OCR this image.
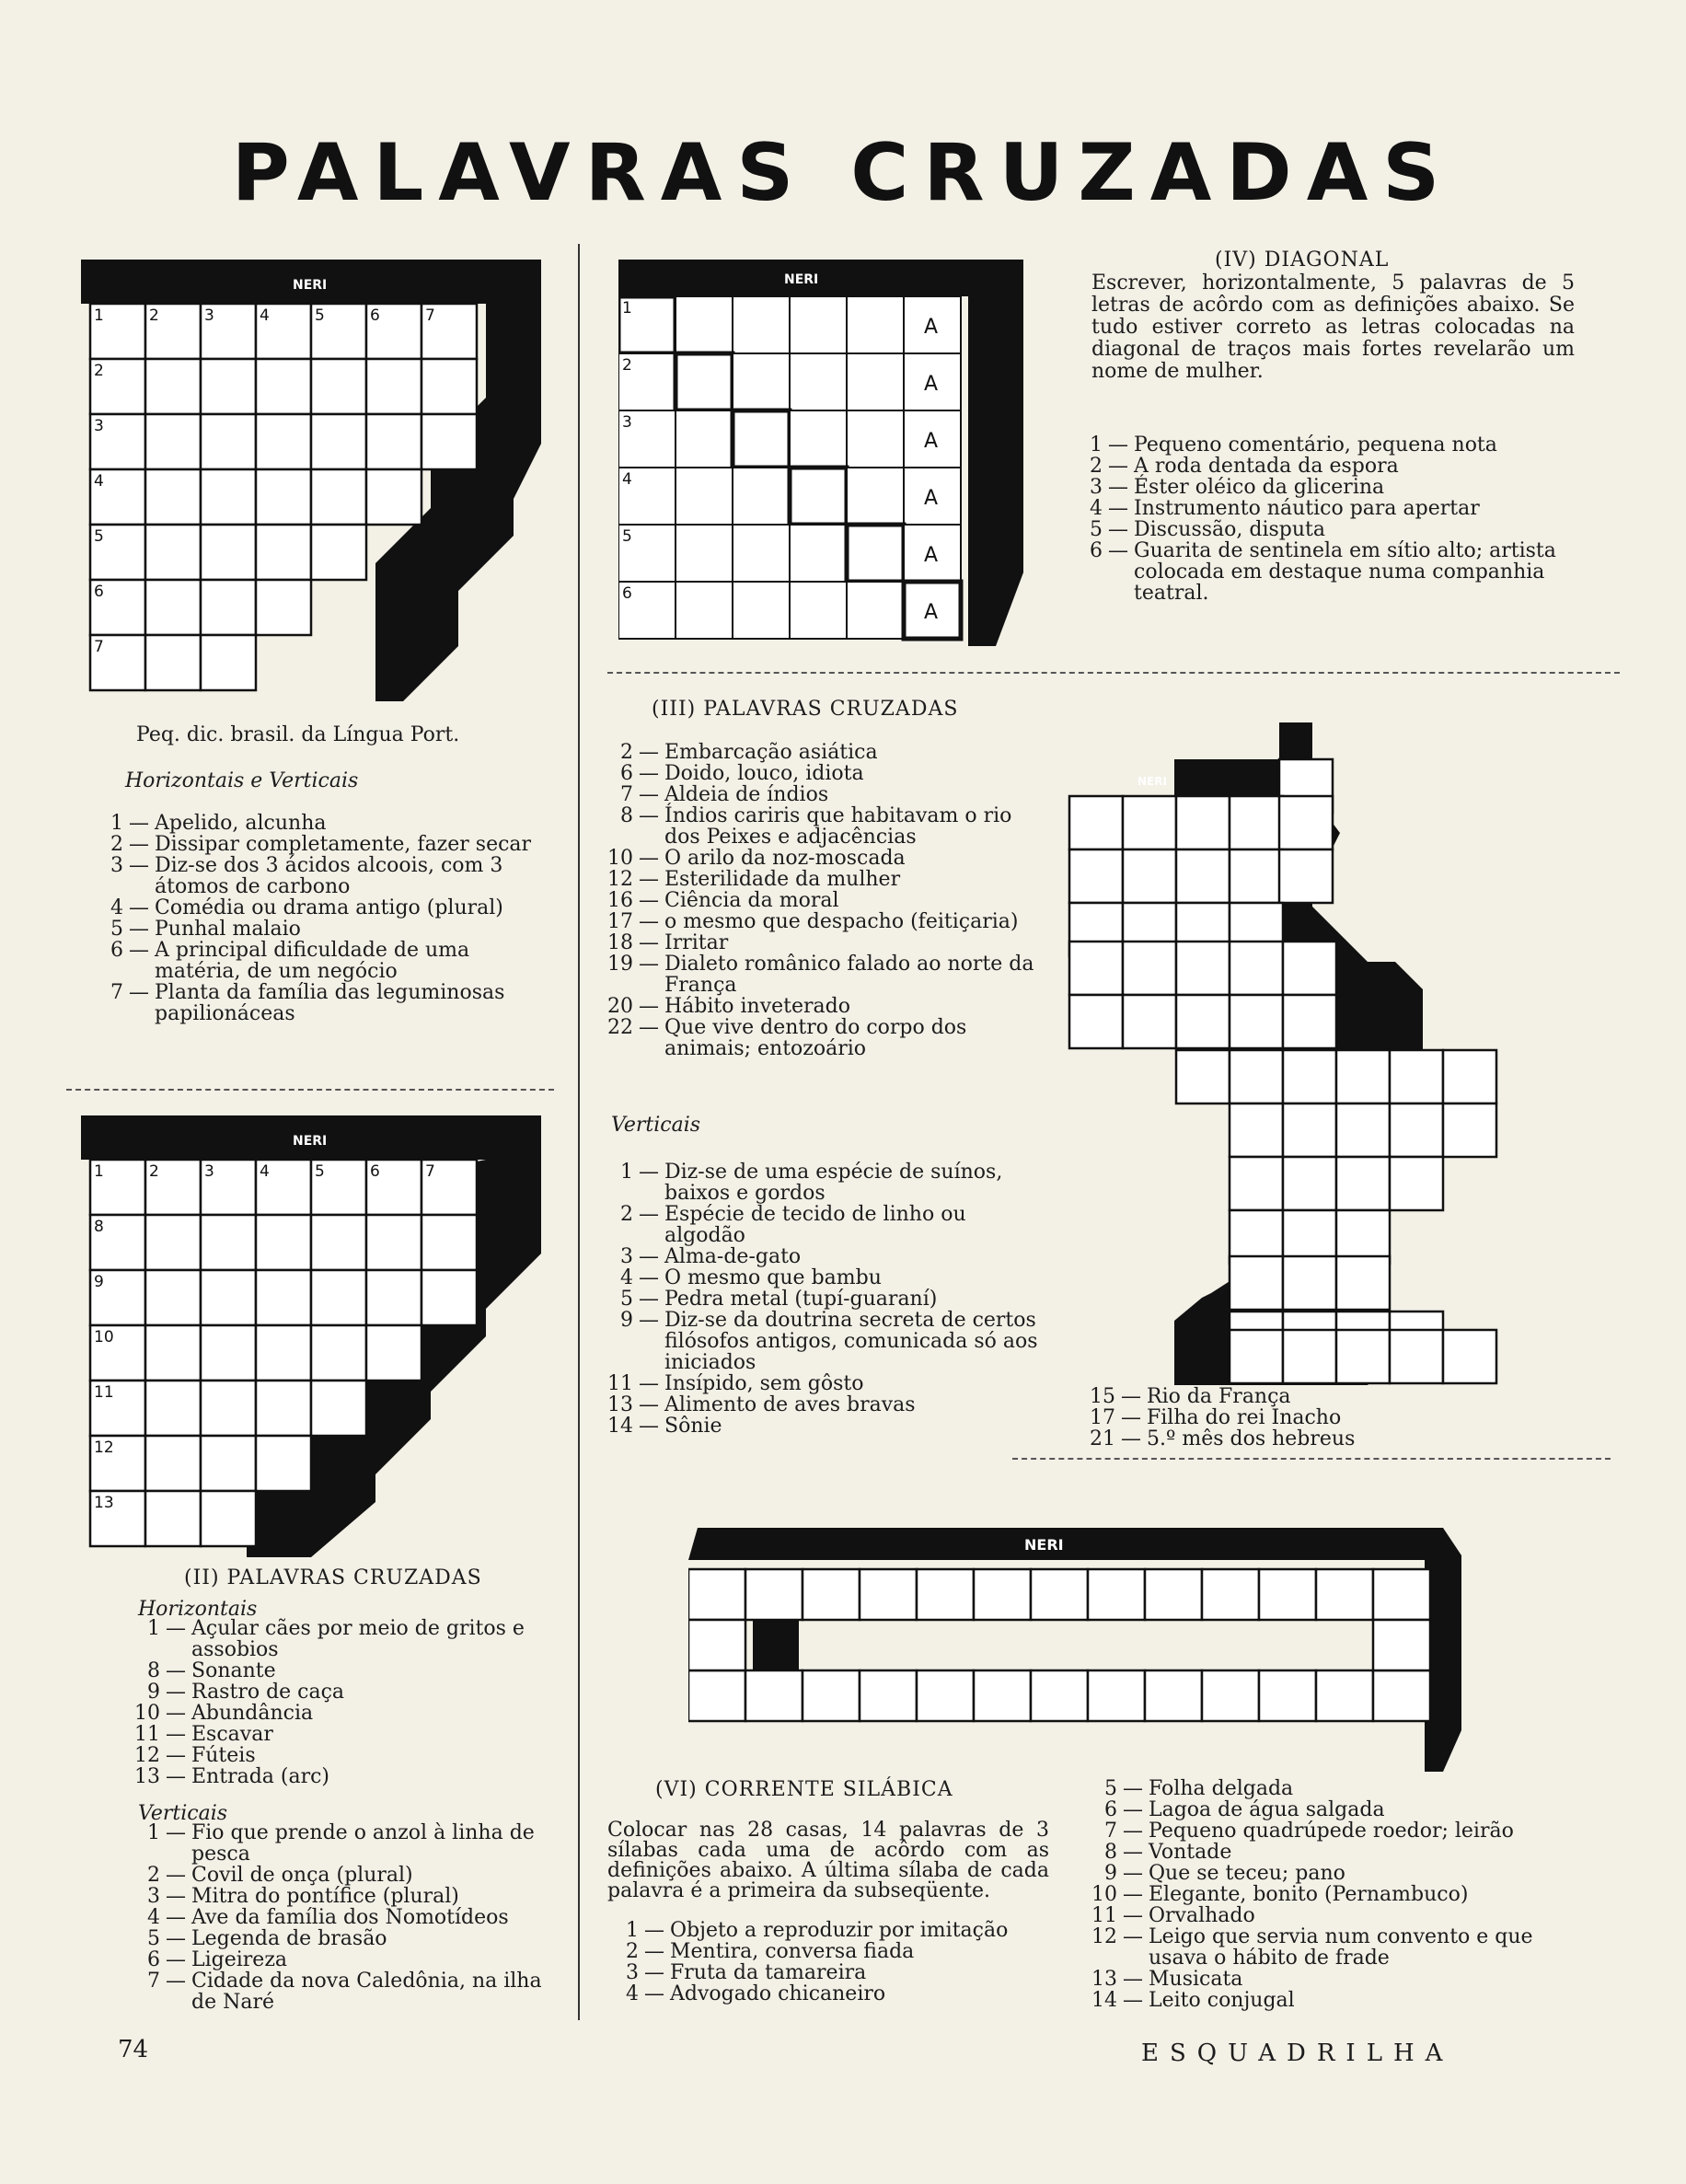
PALAVRAS CRUZADAS
1	2	3	4	5	6	7
2
3
4
5
6
7
NERI
Peq. dic. brasil. da Língua Port.
Horizontais e Verticais
1 — Apelido, alcunha
2 — Dissipar completamente, fazer secar
3 — Diz-se dos 3 ácidos alcoois, com 3 átomos de carbono
4 — Comédia ou drama antigo (plural)
5 — Punhal malaio
6 — A principal dificuldade de uma matéria, de um negócio
7 — Planta da família das leguminosas papilionáceas
1	2	3	4	5	6	7
8
9
10
11
12
13
NERI
(II) PALAVRAS CRUZADAS
Horizontais
1 — Açular cães por meio de gritos e assobios
8 — Sonante
9 — Rastro de caça
10 — Abundância
11 — Escavar
12 — Fúteis
13 — Entrada (arc)
Verticais
1 — Fio que prende o anzol à linha de pesca
2 — Covil de onça (plural)
3 — Mitra do pontífice (plural)
4 — Ave da família dos Nomotídeos
5 — Legenda de brasão
6 — Ligeireza
7 — Cidade da nova Caledônia, na ilha de Naré
1
A
2
A
3
A
4
A
5
A
6
A
NERI
(IV) DIAGONAL
Escrever, horizontalmente, 5 palavras de 5 letras de acôrdo com as definições abaixo. Se tudo estiver correto as letras colocadas na diagonal de traços mais fortes revelarão um nome de mulher.
1 — Pequeno comentário, pequena nota
2 — A roda dentada da espora
3 — Éster oléico da glicerina
4 — Instrumento náutico para apertar
5 — Discussão, disputa
6 — Guarita de sentinela em sítio alto; artista colocada em destaque numa companhia teatral.
(III) PALAVRAS CRUZADAS
2 — Embarcação asiática
6 — Doido, louco, idiota
7 — Aldeia de índios
8 — Índios cariris que habitavam o rio dos Peixes e adjacências
10 — O arilo da noz-moscada
12 — Esterilidade da mulher
16 — Ciência da moral
17 — o mesmo que despacho (feitiçaria)
18 — Irritar
19 — Dialeto românico falado ao norte da França
20 — Hábito inveterado
22 — Que vive dentro do corpo dos animais; entozoário
Verticais
1 — Diz-se de uma espécie de suínos, baixos e gordos
2 — Espécie de tecido de linho ou algodão
3 — Alma-de-gato
4 — O mesmo que bambu
5 — Pedra metal (tupí-guaraní)
9 — Diz-se da doutrina secreta de certos filósofos antigos, comunicada só aos iniciados
11 — Insípido, sem gôsto
13 — Alimento de aves bravas
14 — Sônie
15 — Rio da França
17 — Filha do rei Inacho
21 — 5.º mês dos hebreus
NERI
NERI
(VI) CORRENTE SILÁBICA
Colocar nas 28 casas, 14 palavras de 3 sílabas cada uma de acôrdo com as definições abaixo. A última sílaba de cada palavra é a primeira da subseqüente.
1 — Objeto a reproduzir por imitação
2 — Mentira, conversa fiada
3 — Fruta da tamareira
4 — Advogado chicaneiro
5 — Folha delgada
6 — Lagoa de água salgada
7 — Pequeno quadrúpede roedor; leirão
8 — Vontade
9 — Que se teceu; pano
10 — Elegante, bonito (Pernambuco)
11 — Orvalhado
12 — Leigo que servia num convento e que usava o hábito de frade
13 — Musicata
14 — Leito conjugal
74	ESQUADRILHA
